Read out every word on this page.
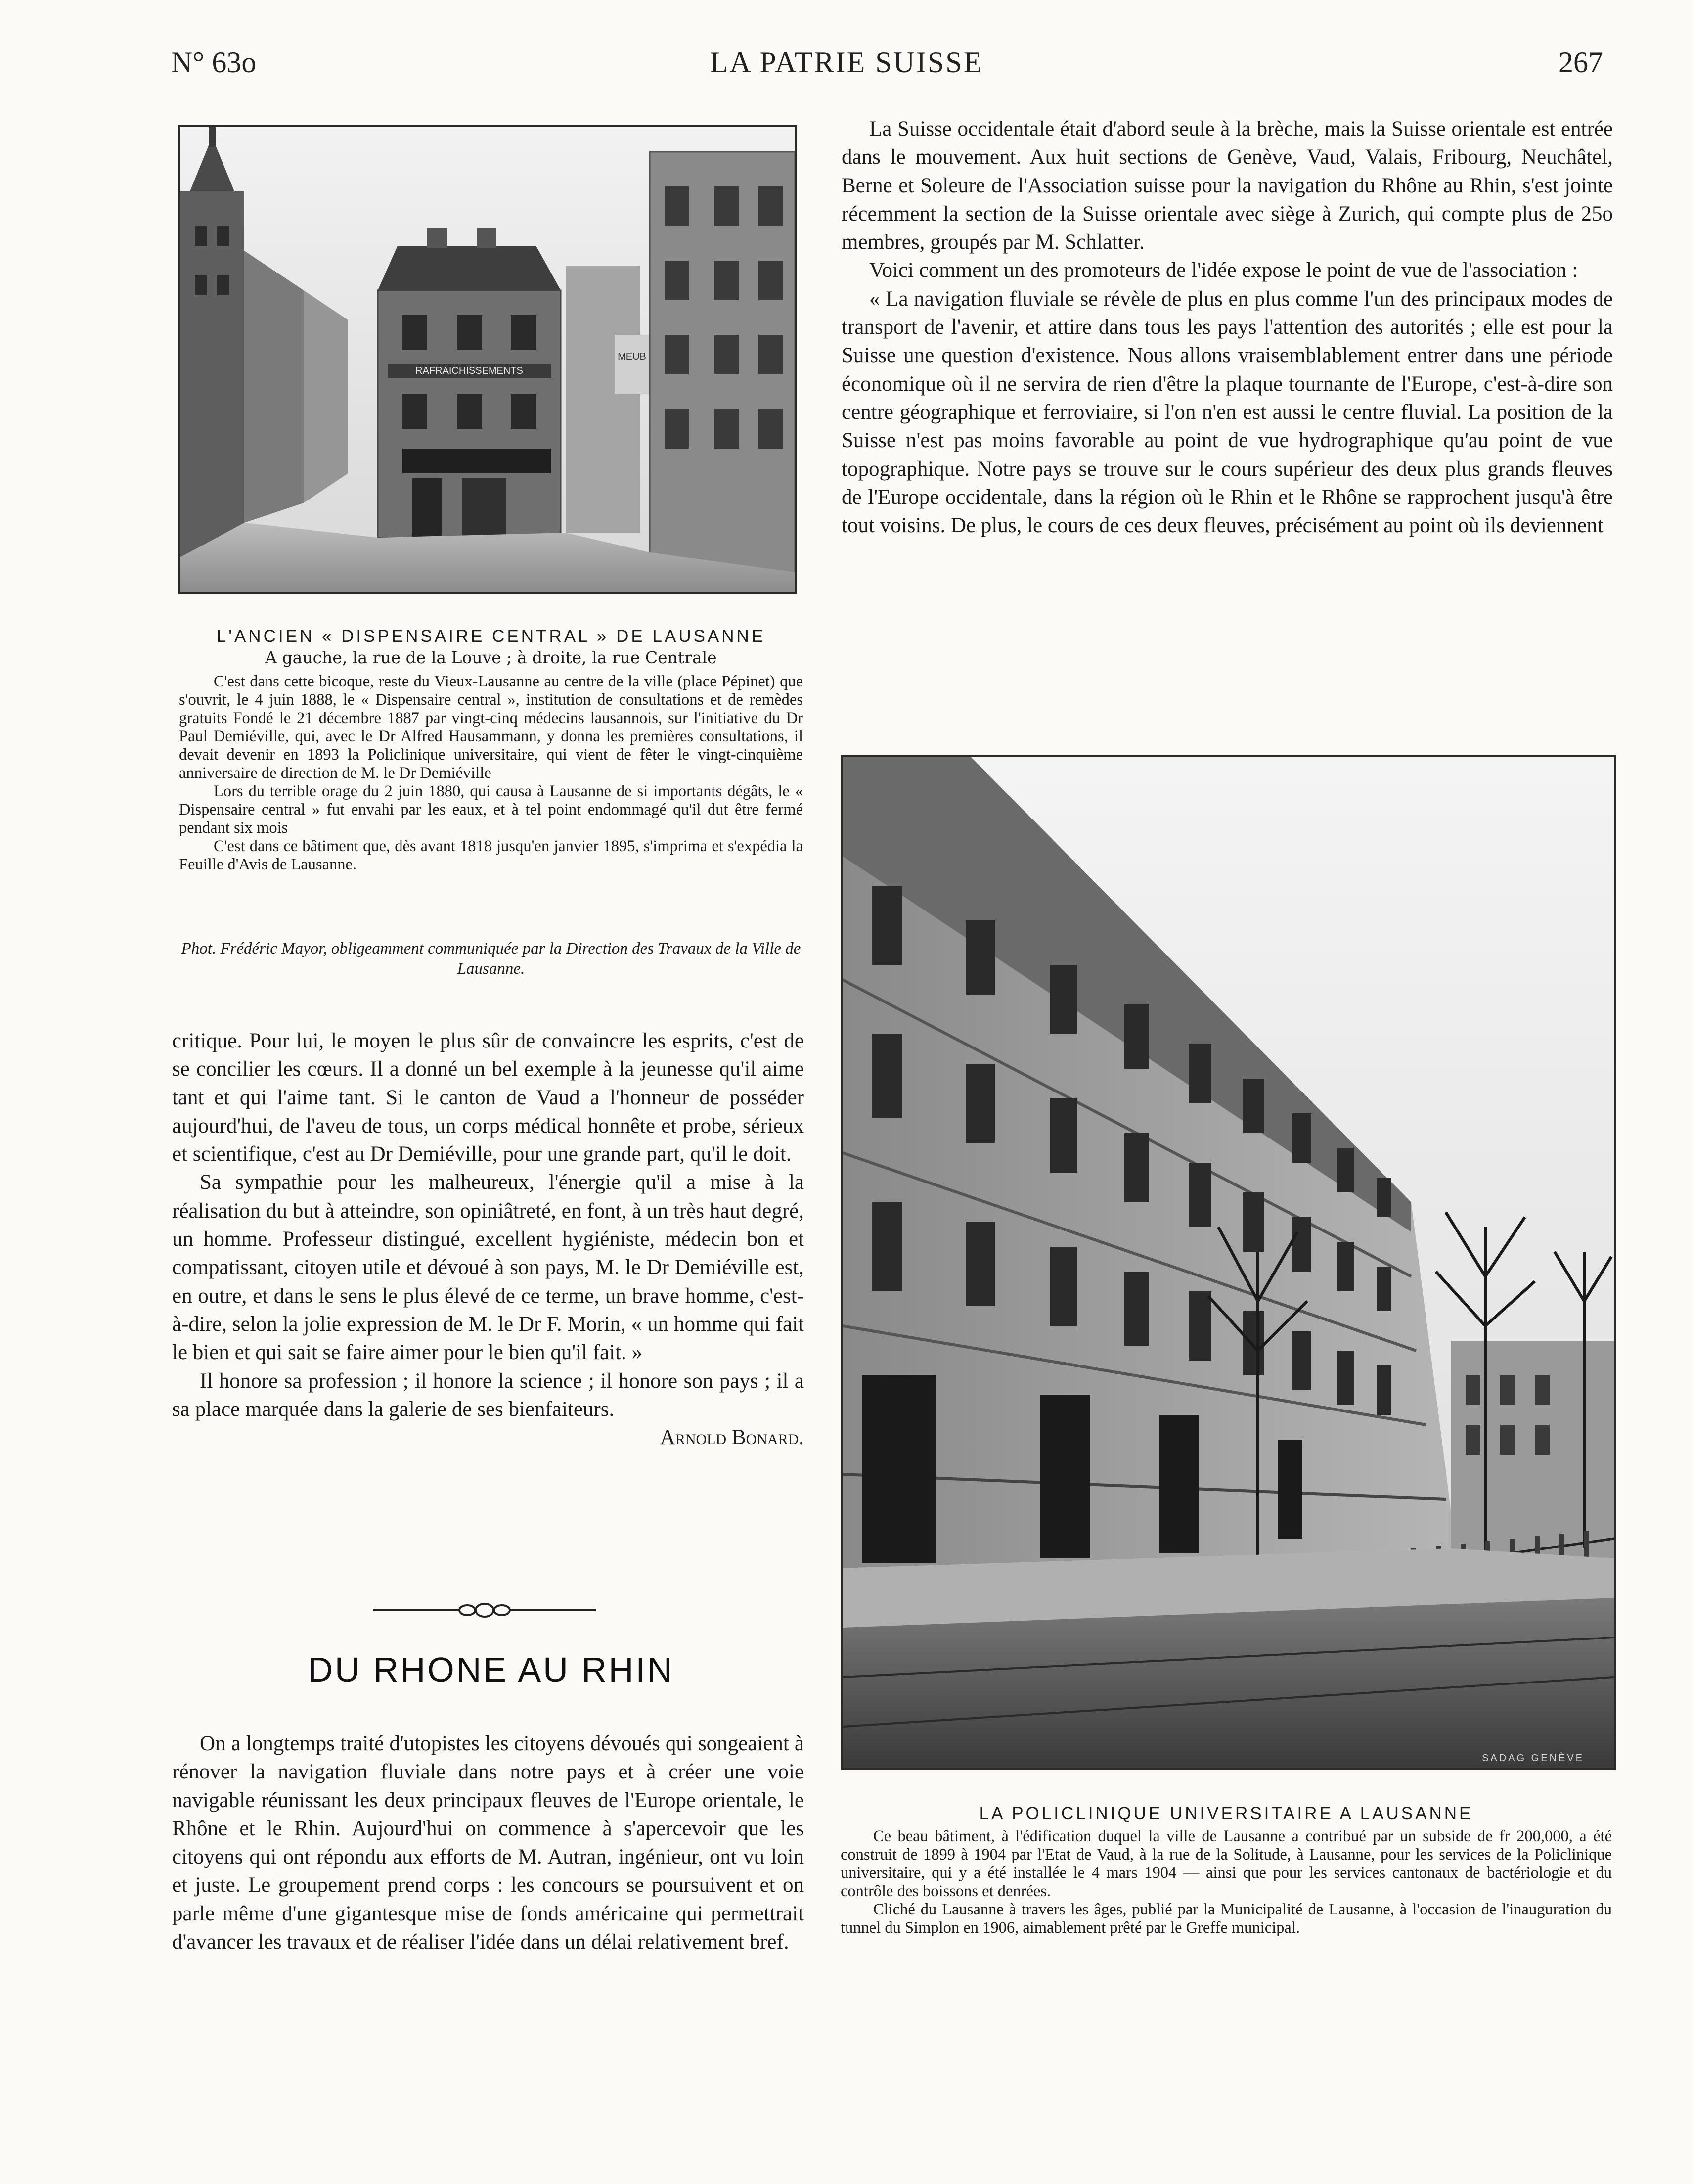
N° 63o	LA PATRIE SUISSE	267
RAFRAICHISSEMENTS
MEUB
L'ANCIEN « DISPENSAIRE CENTRAL » DE LAUSANNE
A gauche, la rue de la Louve ; à droite, la rue Centrale

C'est dans cette bicoque, reste du Vieux-Lausanne au centre de la ville (place Pépinet) que s'ouvrit, le 4 juin 1888, le « Dispensaire central », institution de consultations et de remèdes gratuits Fondé le 21 décembre 1887 par vingt-cinq médecins lausannois, sur l'initiative du Dr Paul Demiéville, qui, avec le Dr Alfred Hausammann, y donna les premières consultations, il devait devenir en 1893 la Policlinique universitaire, qui vient de fêter le vingt-cinquième anniversaire de direction de M. le Dr Demiéville

Lors du terrible orage du 2 juin 1880, qui causa à Lausanne de si importants dégâts, le « Dispensaire central » fut envahi par les eaux, et à tel point endommagé qu'il dut être fermé pendant six mois

C'est dans ce bâtiment que, dès avant 1818 jusqu'en janvier 1895, s'imprima et s'expédia la Feuille d'Avis de Lausanne.

Phot. Frédéric Mayor, obligeamment communiquée par la Direction des Travaux de la Ville de Lausanne.

critique. Pour lui, le moyen le plus sûr de convaincre les esprits, c'est de se concilier les cœurs. Il a donné un bel exemple à la jeunesse qu'il aime tant et qui l'aime tant. Si le canton de Vaud a l'honneur de posséder aujourd'hui, de l'aveu de tous, un corps médical honnête et probe, sérieux et scientifique, c'est au Dr Demiéville, pour une grande part, qu'il le doit.

Sa sympathie pour les malheureux, l'énergie qu'il a mise à la réalisation du but à atteindre, son opiniâtreté, en font, à un très haut degré, un homme. Professeur distingué, excellent hygiéniste, médecin bon et compatissant, citoyen utile et dévoué à son pays, M. le Dr Demiéville est, en outre, et dans le sens le plus élevé de ce terme, un brave homme, c'est-à-dire, selon la jolie expression de M. le Dr F. Morin, « un homme qui fait le bien et qui sait se faire aimer pour le bien qu'il fait. »

Il honore sa profession ; il honore la science ; il honore son pays ; il a sa place marquée dans la galerie de ses bienfaiteurs.

Arnold Bonard.

DU RHONE AU RHIN

On a longtemps traité d'utopistes les citoyens dévoués qui songeaient à rénover la navigation fluviale dans notre pays et à créer une voie navigable réunissant les deux principaux fleuves de l'Europe orientale, le Rhône et le Rhin. Aujourd'hui on commence à s'apercevoir que les citoyens qui ont répondu aux efforts de M. Autran, ingénieur, ont vu loin et juste. Le groupement prend corps : les concours se poursuivent et on parle même d'une gigantesque mise de fonds américaine qui permettrait d'avancer les travaux et de réaliser l'idée dans un délai relativement bref.

La Suisse occidentale était d'abord seule à la brèche, mais la Suisse orientale est entrée dans le mouvement. Aux huit sections de Genève, Vaud, Valais, Fribourg, Neuchâtel, Berne et Soleure de l'Association suisse pour la navigation du Rhône au Rhin, s'est jointe récemment la section de la Suisse orientale avec siège à Zurich, qui compte plus de 25o membres, groupés par M. Schlatter.

Voici comment un des promoteurs de l'idée expose le point de vue de l'association :

« La navigation fluviale se révèle de plus en plus comme l'un des principaux modes de transport de l'avenir, et attire dans tous les pays l'attention des autorités ; elle est pour la Suisse une question d'existence. Nous allons vraisemblablement entrer dans une période économique où il ne servira de rien d'être la plaque tournante de l'Europe, c'est-à-dire son centre géographique et ferroviaire, si l'on n'en est aussi le centre fluvial. La position de la Suisse n'est pas moins favorable au point de vue hydrographique qu'au point de vue topographique. Notre pays se trouve sur le cours supérieur des deux plus grands fleuves de l'Europe occidentale, dans la région où le Rhin et le Rhône se rapprochent jusqu'à être tout voisins. De plus, le cours de ces deux fleuves, précisément au point où ils deviennent

SADAG GENÈVE
LA POLICLINIQUE UNIVERSITAIRE A LAUSANNE

Ce beau bâtiment, à l'édification duquel la ville de Lausanne a contribué par un subside de fr 200,000, a été construit de 1899 à 1904 par l'Etat de Vaud, à la rue de la Solitude, à Lausanne, pour les services de la Policlinique universitaire, qui y a été installée le 4 mars 1904 — ainsi que pour les services cantonaux de bactériologie et du contrôle des boissons et denrées.

Cliché du Lausanne à travers les âges, publié par la Municipalité de Lausanne, à l'occasion de l'inauguration du tunnel du Simplon en 1906, aimablement prêté par le Greffe municipal.
